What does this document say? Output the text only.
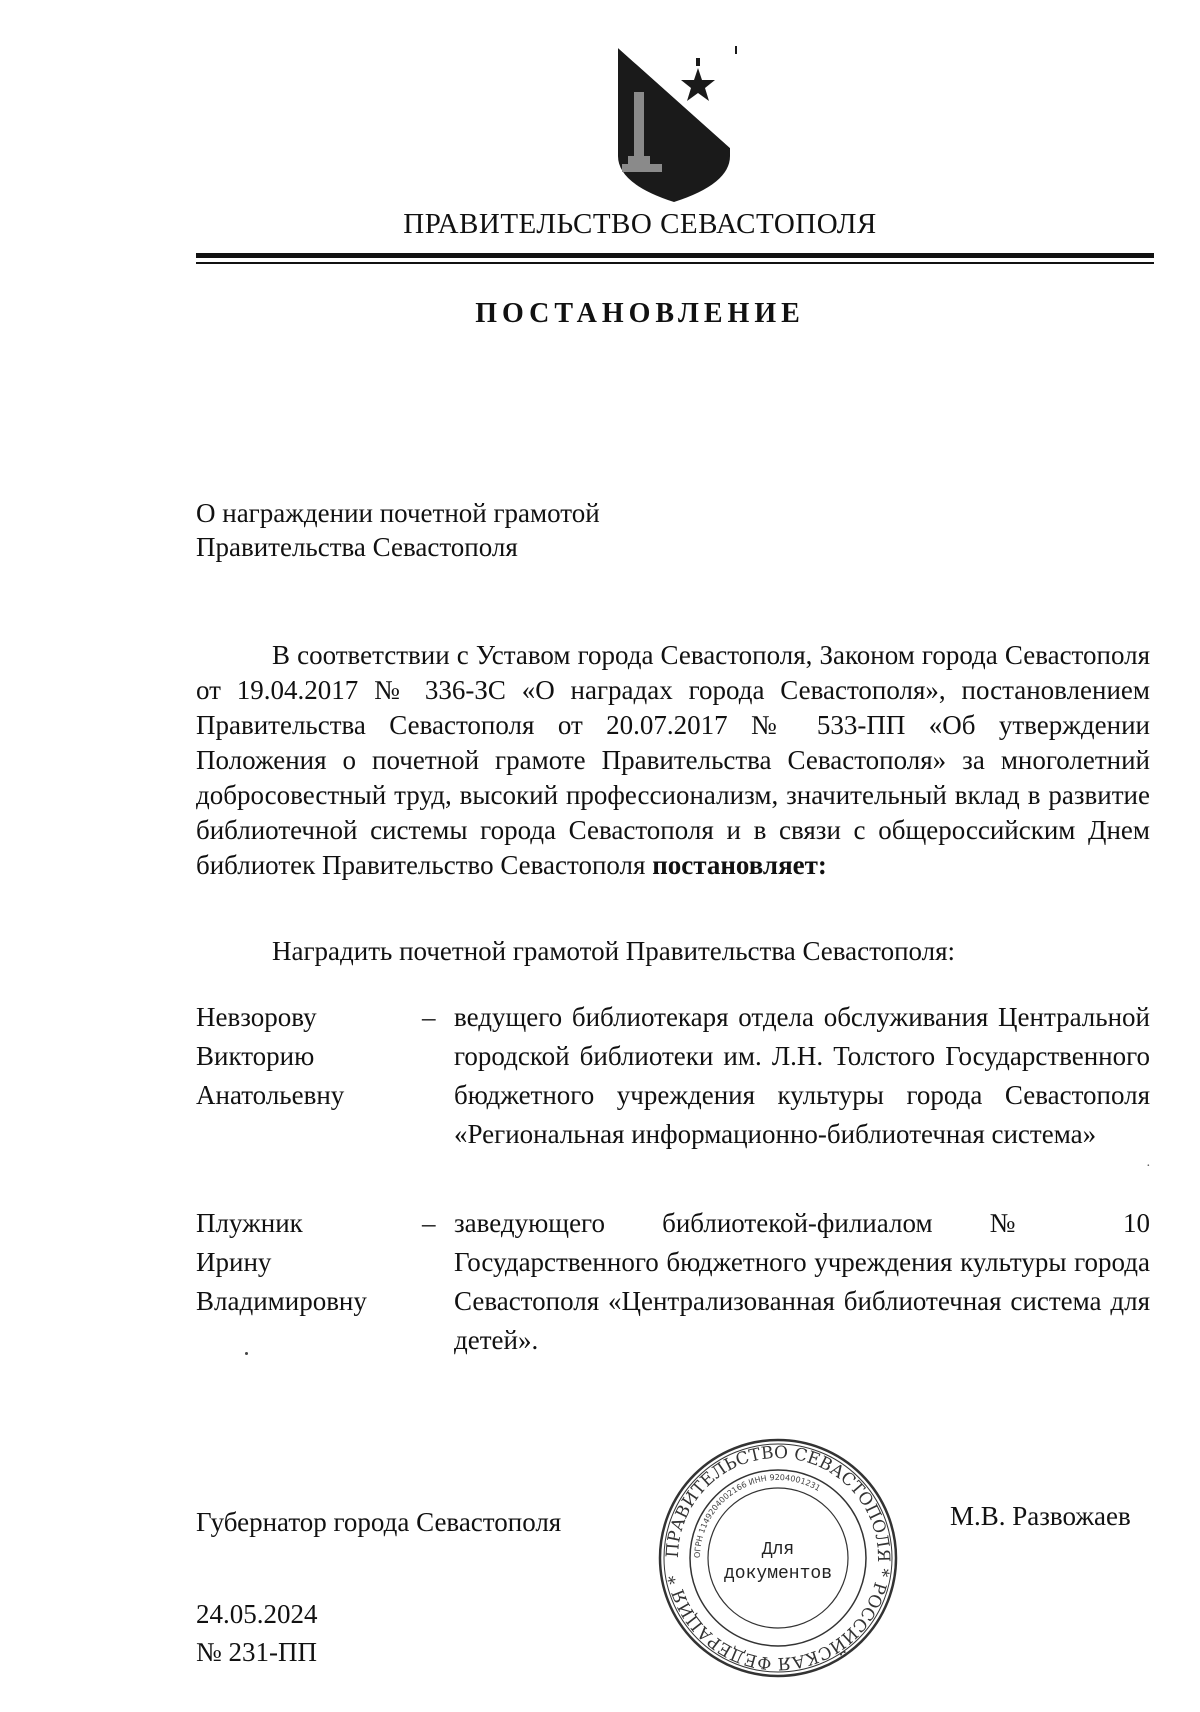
ПРАВИТЕЛЬСТВО СЕВАСТОПОЛЯ
ПОСТАНОВЛЕНИЕ
О награждении почетной грамотой
Правительства Севастополя
В соответствии с Уставом города Севастополя, Законом города Севастополя от 19.04.2017 № 336-ЗС «О наградах города Севастополя», постановлением Правительства Севастополя от 20.07.2017 № 533-ПП «Об утверждении Положения о почетной грамоте Правительства Севастополя» за многолетний добросовестный труд, высокий профессионализм, значительный вклад в развитие библиотечной системы города Севастополя и в связи с общероссийским Днем библиотек Правительство Севастополя постановляет:
Наградить почетной грамотой Правительства Севастополя:
Невзорову
Викторию
Анатольевну
– ведущего библиотекаря отдела обслуживания Центральной городской библиотеки им. Л.Н. Толстого Государственного бюджетного учреждения культуры города Севастополя «Региональная информационно-библиотечная система»
Плужник
Ирину
Владимировну
– заведующего библиотекой-филиалом № 10 Государственного бюджетного учреждения культуры города Севастополя «Централизованная библиотечная система для детей».
·
Губернатор города Севастополя
ПРАВИТЕЛЬСТВО СЕВАСТОПОЛЯ * РОССИЙСКАЯ ФЕДЕРАЦИЯ *
ОГРН 1149204002166 ИНН 9204001231
Для
документов
М.В. Развожаев
24.05.2024
№ 231-ПП
